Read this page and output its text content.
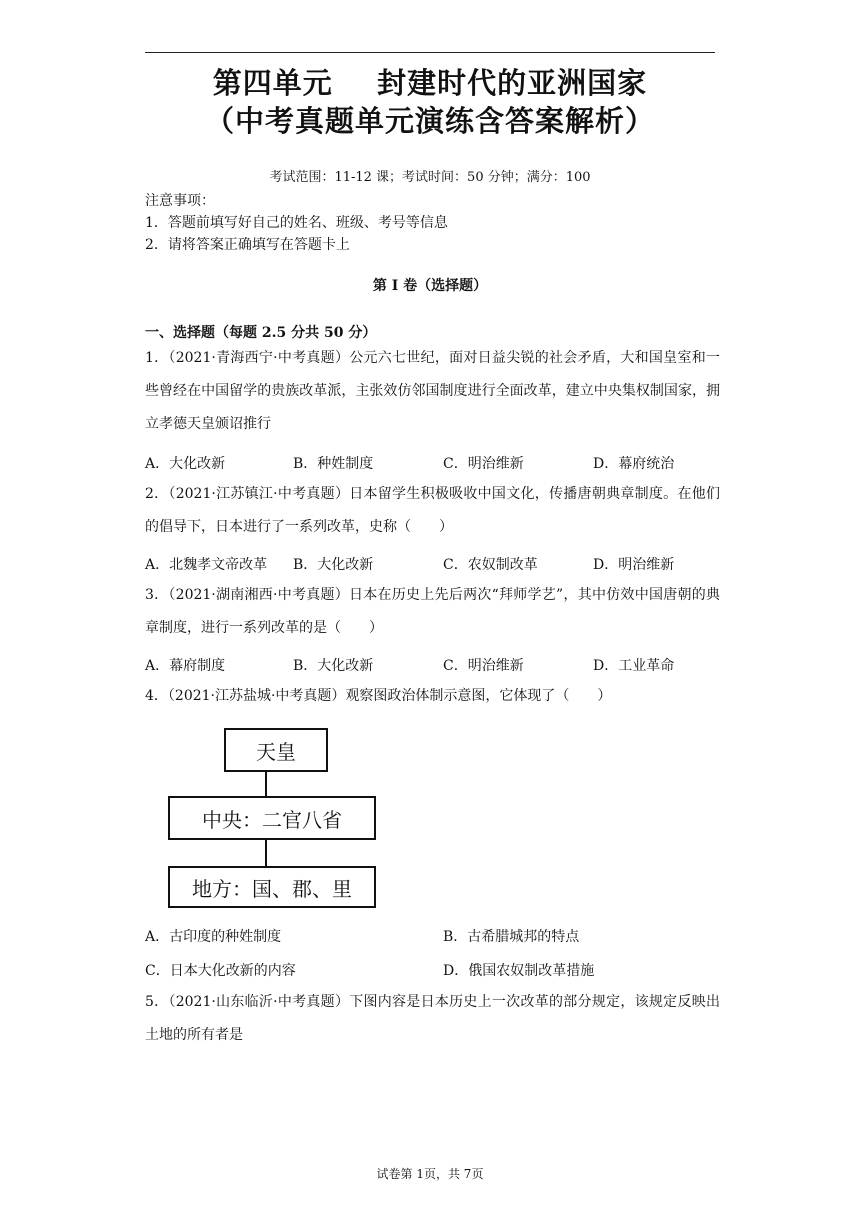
第四单元    封建时代的亚洲国家
（中考真题单元演练含答案解析）
考试范围：11-12 课；考试时间：50 分钟；满分：100
注意事项：
1．答题前填写好自己的姓名、班级、考号等信息
2．请将答案正确填写在答题卡上
第 I 卷（选择题）
一、选择题（每题 2.5 分共 50 分）
1．（2021·青海西宁·中考真题）公元六七世纪，面对日益尖锐的社会矛盾，大和国皇室和一些曾经在中国留学的贵族改革派，主张效仿邻国制度进行全面改革，建立中央集权制国家，拥立孝德天皇颁诏推行
A．大化改新	B．种姓制度	C．明治维新	D．幕府统治
2．（2021·江苏镇江·中考真题）日本留学生积极吸收中国文化，传播唐朝典章制度。在他们的倡导下，日本进行了一系列改革，史称（　　）
A．北魏孝文帝改革 B．大化改新	C．农奴制改革	D．明治维新
3．（2021·湖南湘西·中考真题）日本在历史上先后两次“拜师学艺”，其中仿效中国唐朝的典章制度，进行一系列改革的是（　　）
A．幕府制度	B．大化改新	C．明治维新	D．工业革命
4．（2021·江苏盐城·中考真题）观察图政治体制示意图，它体现了（　　）
天皇
中央：二官八省
地方：国、郡、里
A．古印度的种姓制度	B．古希腊城邦的特点
C．日本大化改新的内容	D．俄国农奴制改革措施
5．（2021·山东临沂·中考真题）下图内容是日本历史上一次改革的部分规定，该规定反映出土地的所有者是
试卷第 1页，共 7页
